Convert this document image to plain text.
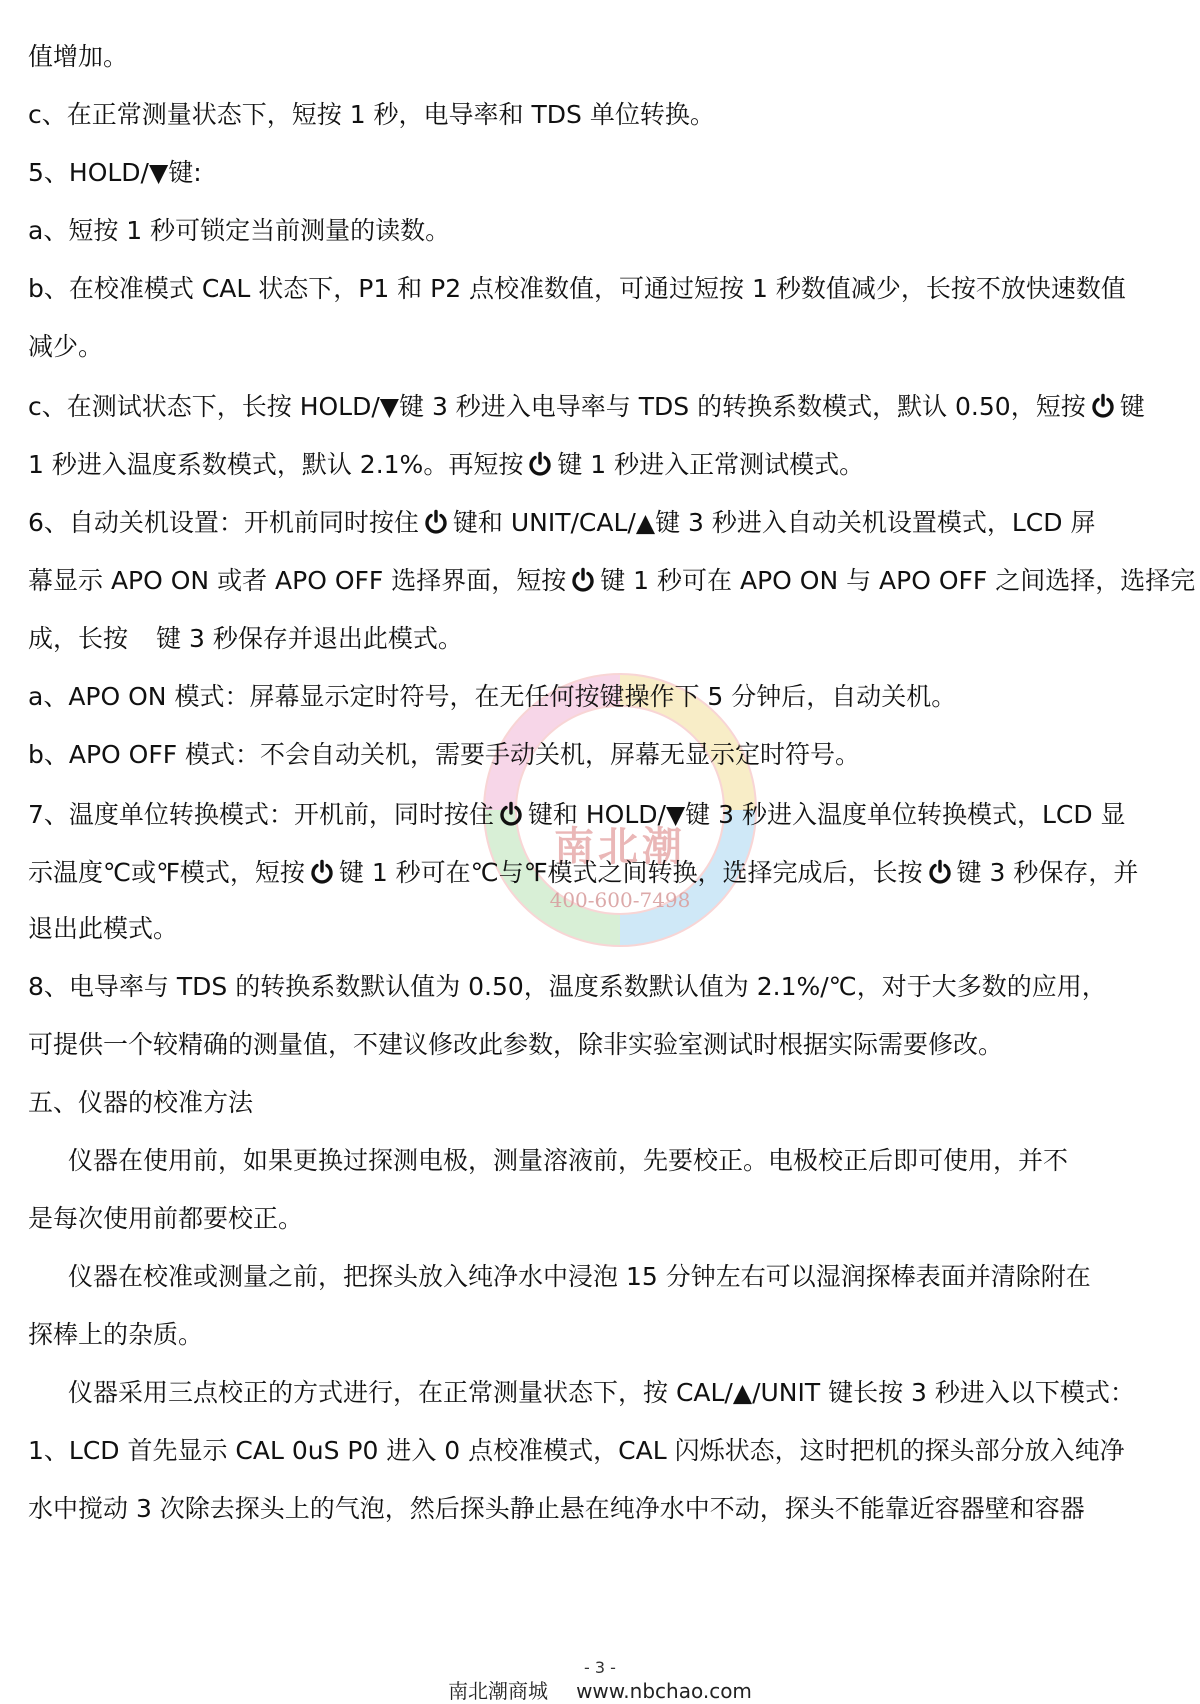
南北潮
400-600-7498
值增加。
c、在正常测量状态下，短按 1 秒，电导率和 TDS 单位转换。
5、HOLD/▼键:
a、短按 1 秒可锁定当前测量的读数。
b、在校准模式 CAL 状态下，P1 和 P2 点校准数值，可通过短按 1 秒数值减少，长按不放快速数值
减少。
c、在测试状态下，长按 HOLD/▼键 3 秒进入电导率与 TDS 的转换系数模式，默认 0.50，短按 键
1 秒进入温度系数模式，默认 2.1%。再短按 键 1 秒进入正常测试模式。
6、自动关机设置：开机前同时按住 键和 UNIT/CAL/▲键 3 秒进入自动关机设置模式，LCD 屏
幕显示 APO ON 或者 APO OFF 选择界面，短按 键 1 秒可在 APO ON 与 APO OFF 之间选择，选择完
成，长按 键 3 秒保存并退出此模式。
a、APO ON 模式：屏幕显示定时符号，在无任何按键操作下 5 分钟后，自动关机。
b、APO OFF 模式：不会自动关机，需要手动关机，屏幕无显示定时符号。
7、温度单位转换模式：开机前，同时按住 键和 HOLD/▼键 3 秒进入温度单位转换模式，LCD 显
示温度℃或℉模式，短按 键 1 秒可在℃与℉模式之间转换，选择完成后，长按 键 3 秒保存，并
退出此模式。
8、电导率与 TDS 的转换系数默认值为 0.50，温度系数默认值为 2.1%/℃，对于大多数的应用，
可提供一个较精确的测量值，不建议修改此参数，除非实验室测试时根据实际需要修改。
五、仪器的校准方法
仪器在使用前，如果更换过探测电极，测量溶液前，先要校正。电极校正后即可使用，并不
是每次使用前都要校正。
仪器在校准或测量之前，把探头放入纯净水中浸泡 15 分钟左右可以湿润探棒表面并清除附在
探棒上的杂质。
仪器采用三点校正的方式进行，在正常测量状态下，按 CAL/▲/UNIT 键长按 3 秒进入以下模式：
1、LCD 首先显示 CAL 0uS P0 进入 0 点校准模式，CAL 闪烁状态，这时把机的探头部分放入纯净
水中搅动 3 次除去探头上的气泡，然后探头静止悬在纯净水中不动，探头不能靠近容器壁和容器
- 3 -
南北潮商城 www.nbchao.com
